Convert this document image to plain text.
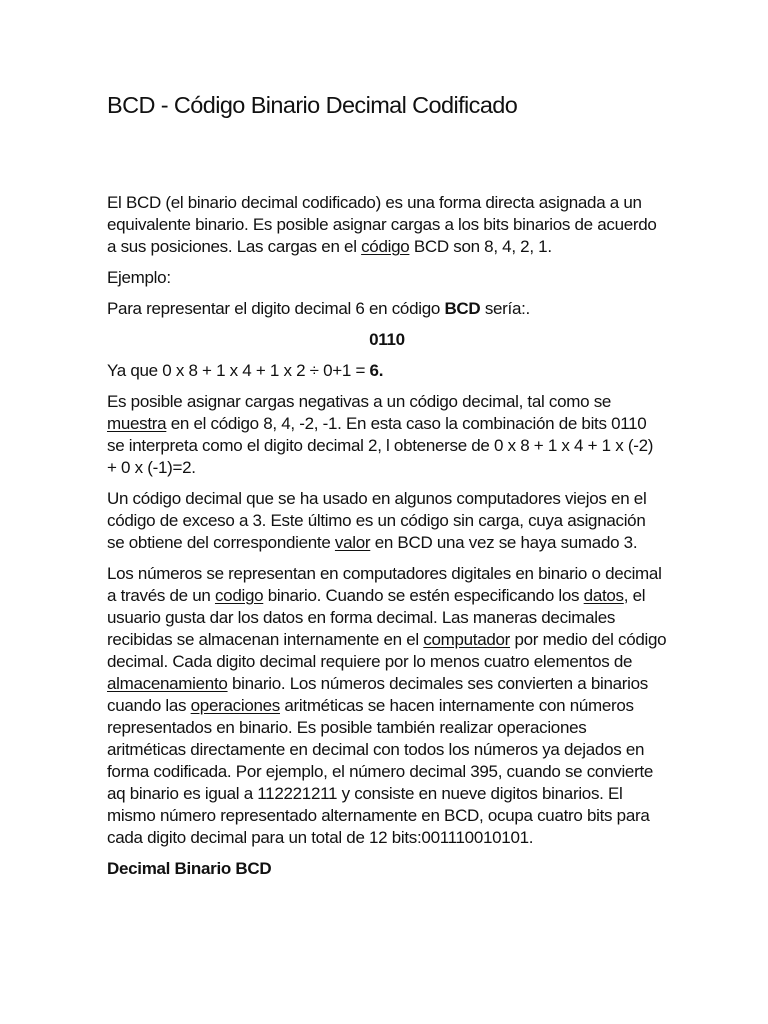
BCD - Código Binario Decimal Codificado

El BCD (el binario decimal codificado) es una forma directa asignada a un equivalente binario. Es posible asignar cargas a los bits binarios de acuerdo a sus posiciones. Las cargas en el código BCD son 8, 4, 2, 1.

Ejemplo:

Para representar el digito decimal 6 en código BCD sería:.

0110

Ya que 0 x 8 + 1 x 4 + 1 x 2 ÷ 0+1 = 6.

Es posible asignar cargas negativas a un código decimal, tal como se muestra en el código 8, 4, -2, -1. En esta caso la combinación de bits 0110 se interpreta como el digito decimal 2, l obtenerse de 0 x 8 + 1 x 4 + 1 x (-2) + 0 x (-1)=2.

Un código decimal que se ha usado en algunos computadores viejos en el código de exceso a 3. Este último es un código sin carga, cuya asignación se obtiene del correspondiente valor en BCD una vez se haya sumado 3.

Los números se representan en computadores digitales en binario o decimal a través de un codigo binario. Cuando se estén especificando los datos, el usuario gusta dar los datos en forma decimal. Las maneras decimales recibidas se almacenan internamente en el computador por medio del código decimal. Cada digito decimal requiere por lo menos cuatro elementos de almacenamiento binario. Los números decimales ses convierten a binarios cuando las operaciones aritméticas se hacen internamente con números representados en binario. Es posible también realizar operaciones aritméticas directamente en decimal con todos los números ya dejados en forma codificada. Por ejemplo, el número decimal 395, cuando se convierte aq binario es igual a 112221211 y consiste en nueve digitos binarios. El mismo número representado alternamente en BCD, ocupa cuatro bits para cada digito decimal para un total de 12 bits:001110010101.

Decimal Binario BCD
